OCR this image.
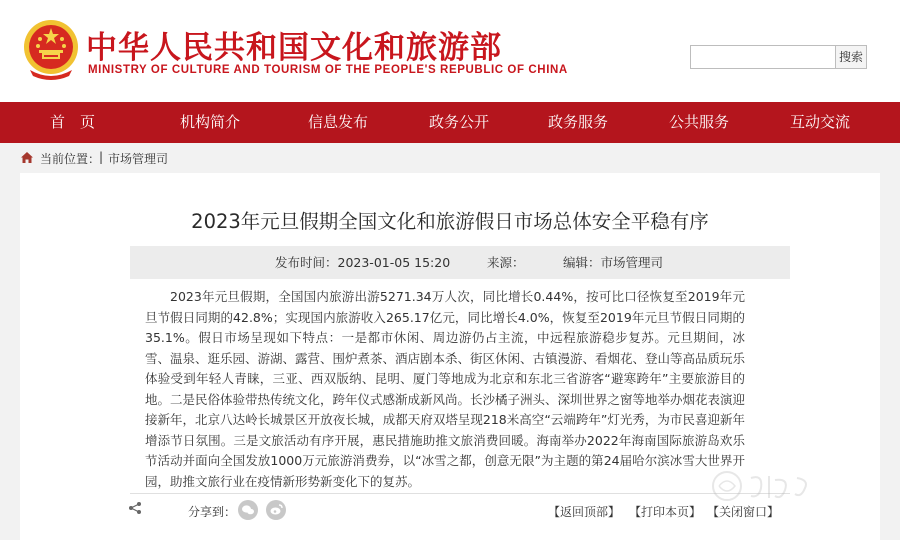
中华人民共和国文化和旅游部
MINISTRY OF CULTURE AND TOURISM OF THE PEOPLE'S REPUBLIC OF CHINA
搜索
首　页	机构简介	信息发布	政务公开	政务服务	公共服务	互动交流
当前位置：
| 市场管理司
2023年元旦假期全国文化和旅游假日市场总体安全平稳有序
发布时间：2023-01-05 15:20	来源：	编辑：市场管理司
2023年元旦假期，全国国内旅游出游5271.34万人次，同比增长0.44%，按可比口径恢复至2019年元旦节假日同期的42.8%；实现国内旅游收入265.17亿元，同比增长4.0%，恢复至2019年元旦节假日同期的35.1%。假日市场呈现如下特点：一是都市休闲、周边游仍占主流，中远程旅游稳步复苏。元旦期间，冰雪、温泉、逛乐园、游湖、露营、围炉煮茶、酒店剧本杀、街区休闲、古镇漫游、看烟花、登山等高品质玩乐体验受到年轻人青睐，三亚、西双版纳、昆明、厦门等地成为北京和东北三省游客“避寒跨年”主要旅游目的地。二是民俗体验带热传统文化，跨年仪式感渐成新风尚。长沙橘子洲头、深圳世界之窗等地举办烟花表演迎接新年，北京八达岭长城景区开放夜长城，成都天府双塔呈现218米高空“云端跨年”灯光秀，为市民喜迎新年增添节日氛围。三是文旅活动有序开展，惠民措施助推文旅消费回暖。海南举办2022年海南国际旅游岛欢乐节活动并面向全国发放1000万元旅游消费券，以“冰雪之都，创意无限”为主题的第24届哈尔滨冰雪大世界开园，助推文旅行业在疫情新形势新变化下的复苏。
分享到：	【返回顶部】 【打印本页】 【关闭窗口】
